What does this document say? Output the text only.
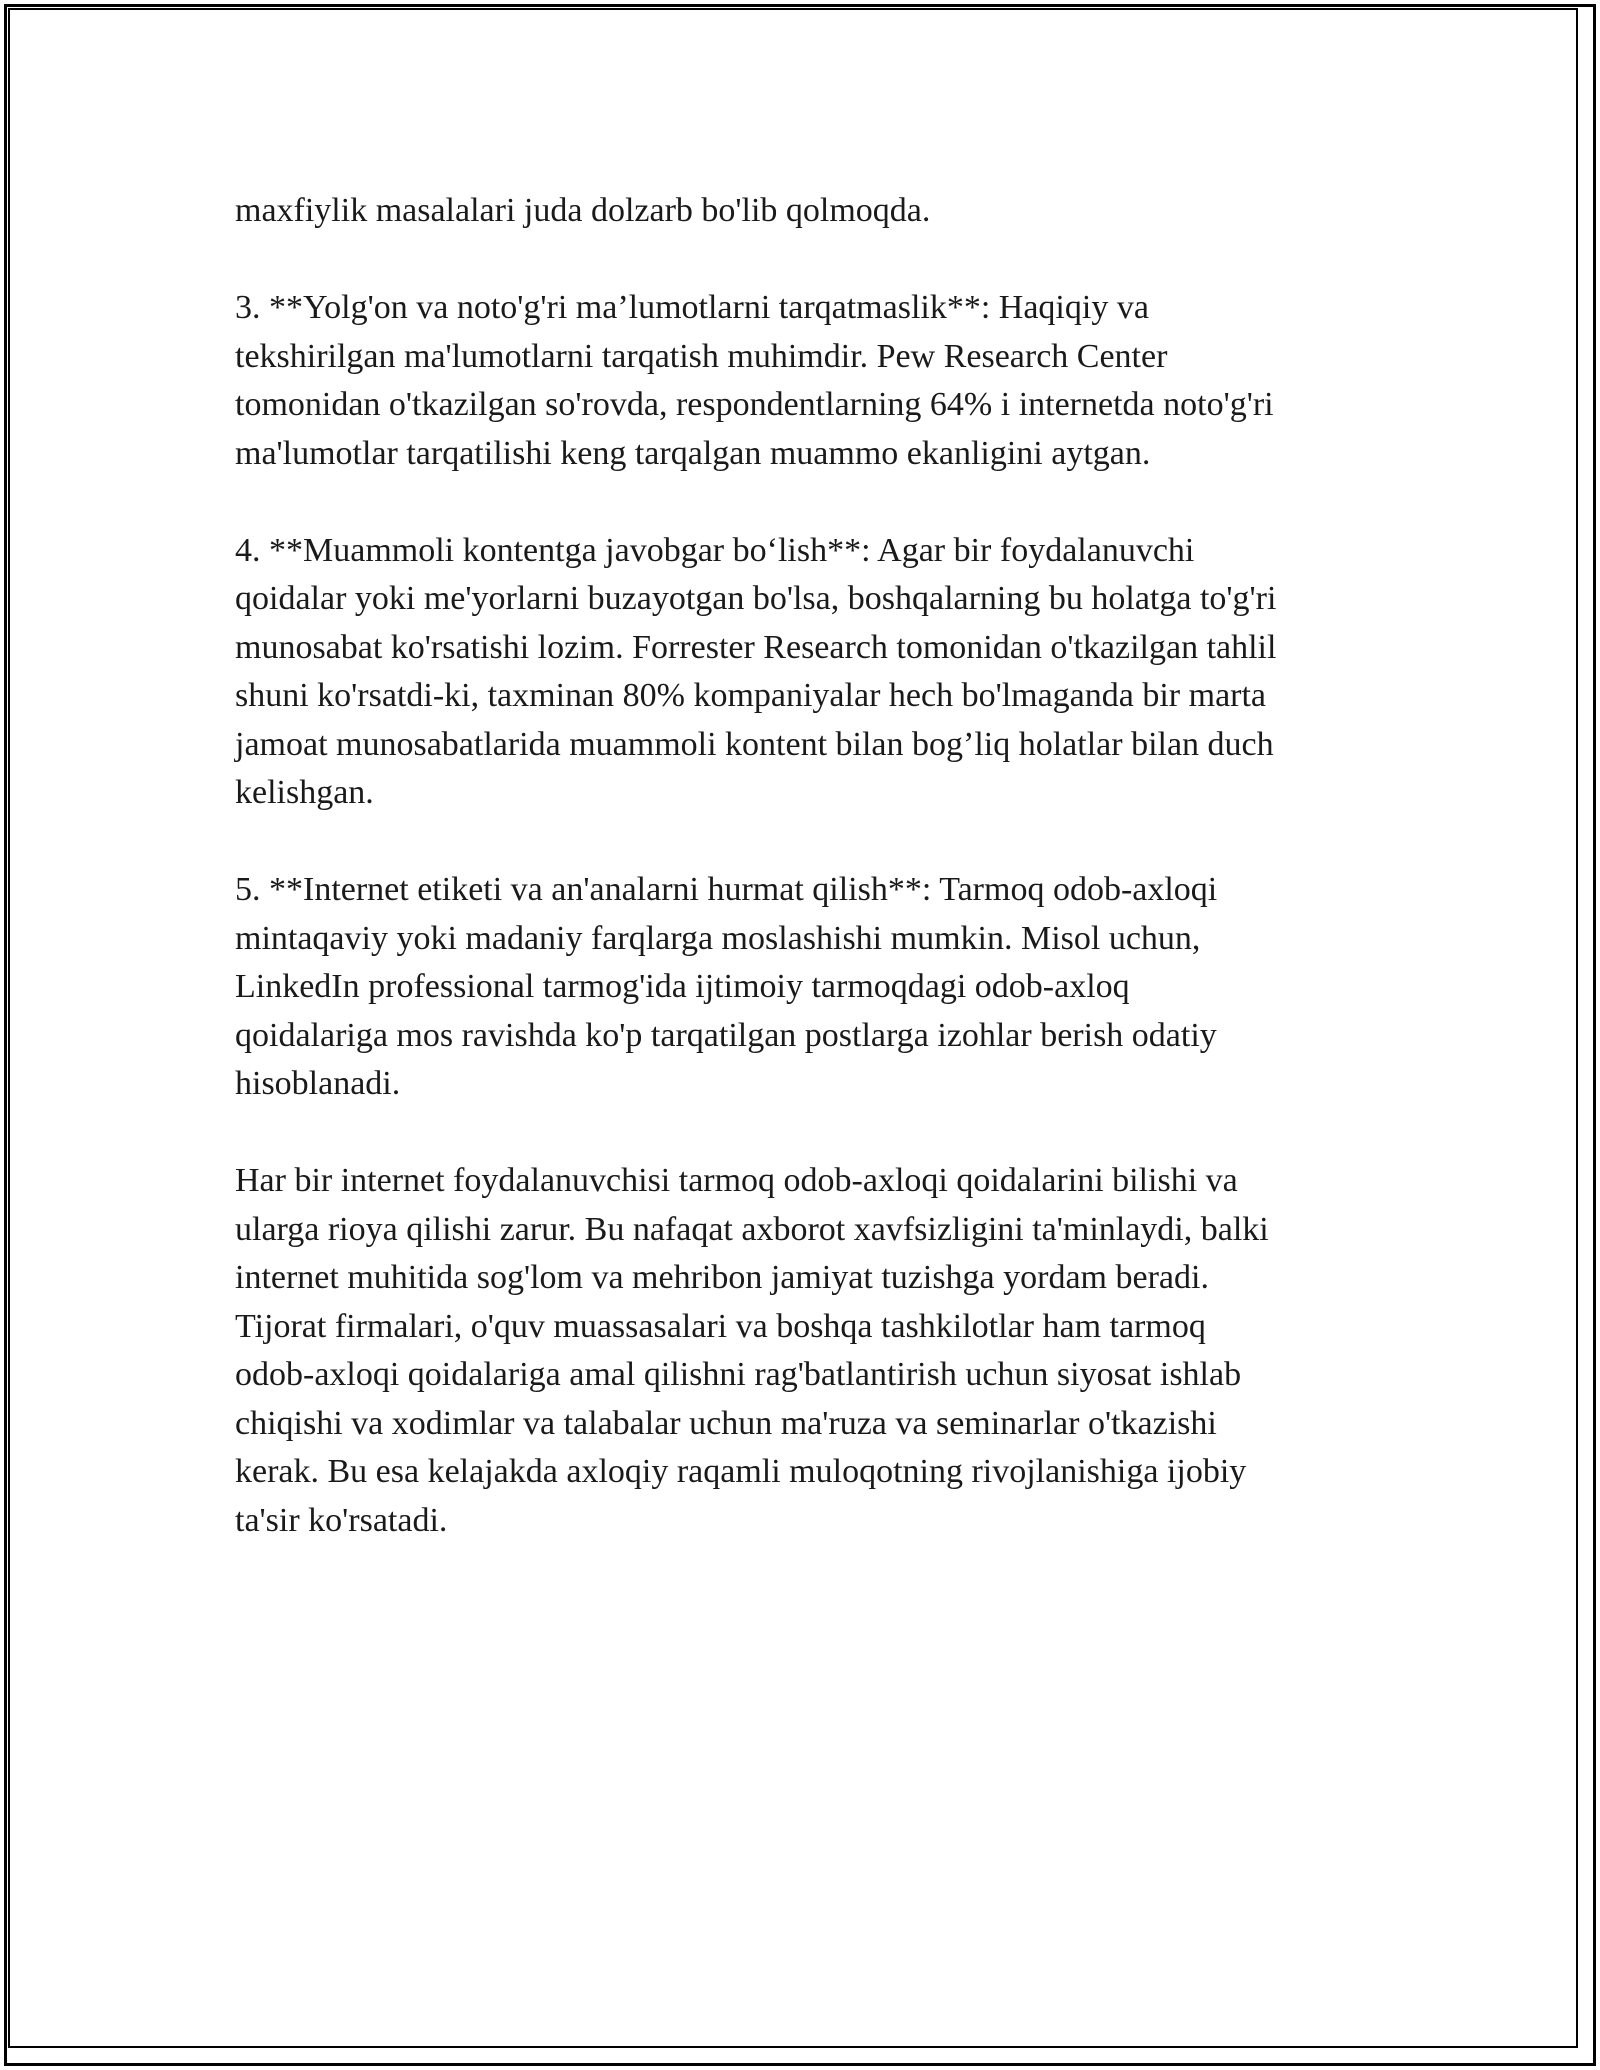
maxfiylik masalalari juda dolzarb bo'lib qolmoqda.

3. **Yolg'on va noto'g'ri ma’lumotlarni tarqatmaslik**: Haqiqiy va
tekshirilgan ma'lumotlarni tarqatish muhimdir. Pew Research Center
tomonidan o'tkazilgan so'rovda, respondentlarning 64% i internetda noto'g'ri
ma'lumotlar tarqatilishi keng tarqalgan muammo ekanligini aytgan.

4. **Muammoli kontentga javobgar bo‘lish**: Agar bir foydalanuvchi
qoidalar yoki me'yorlarni buzayotgan bo'lsa, boshqalarning bu holatga to'g'ri
munosabat ko'rsatishi lozim. Forrester Research tomonidan o'tkazilgan tahlil
shuni ko'rsatdi-ki, taxminan 80% kompaniyalar hech bo'lmaganda bir marta
jamoat munosabatlarida muammoli kontent bilan bog’liq holatlar bilan duch
kelishgan.

5. **Internet etiketi va an'analarni hurmat qilish**: Tarmoq odob-axloqi
mintaqaviy yoki madaniy farqlarga moslashishi mumkin. Misol uchun,
LinkedIn professional tarmog'ida ijtimoiy tarmoqdagi odob-axloq
qoidalariga mos ravishda ko'p tarqatilgan postlarga izohlar berish odatiy
hisoblanadi.

Har bir internet foydalanuvchisi tarmoq odob-axloqi qoidalarini bilishi va
ularga rioya qilishi zarur. Bu nafaqat axborot xavfsizligini ta'minlaydi, balki
internet muhitida sog'lom va mehribon jamiyat tuzishga yordam beradi.
Tijorat firmalari, o'quv muassasalari va boshqa tashkilotlar ham tarmoq
odob-axloqi qoidalariga amal qilishni rag'batlantirish uchun siyosat ishlab
chiqishi va xodimlar va talabalar uchun ma'ruza va seminarlar o'tkazishi
kerak. Bu esa kelajakda axloqiy raqamli muloqotning rivojlanishiga ijobiy
ta'sir ko'rsatadi.
